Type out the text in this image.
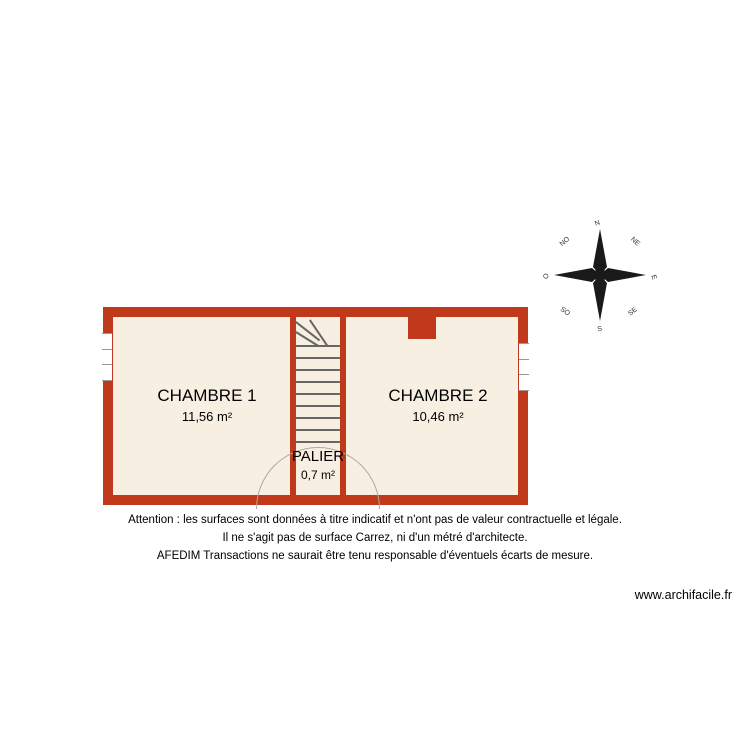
CHAMBRE 1
11,56 m²
CHAMBRE 2
10,46 m²
PALIER
0,7 m²
N
NE
E
SE
S
SO
O
NO
Attention : les surfaces sont données à titre indicatif et n'ont pas de valeur contractuelle et légale.
Il ne s'agit pas de surface Carrez, ni d'un métré d'architecte.
AFEDIM Transactions ne saurait être tenu responsable d'éventuels écarts de mesure.
www.archifacile.fr
